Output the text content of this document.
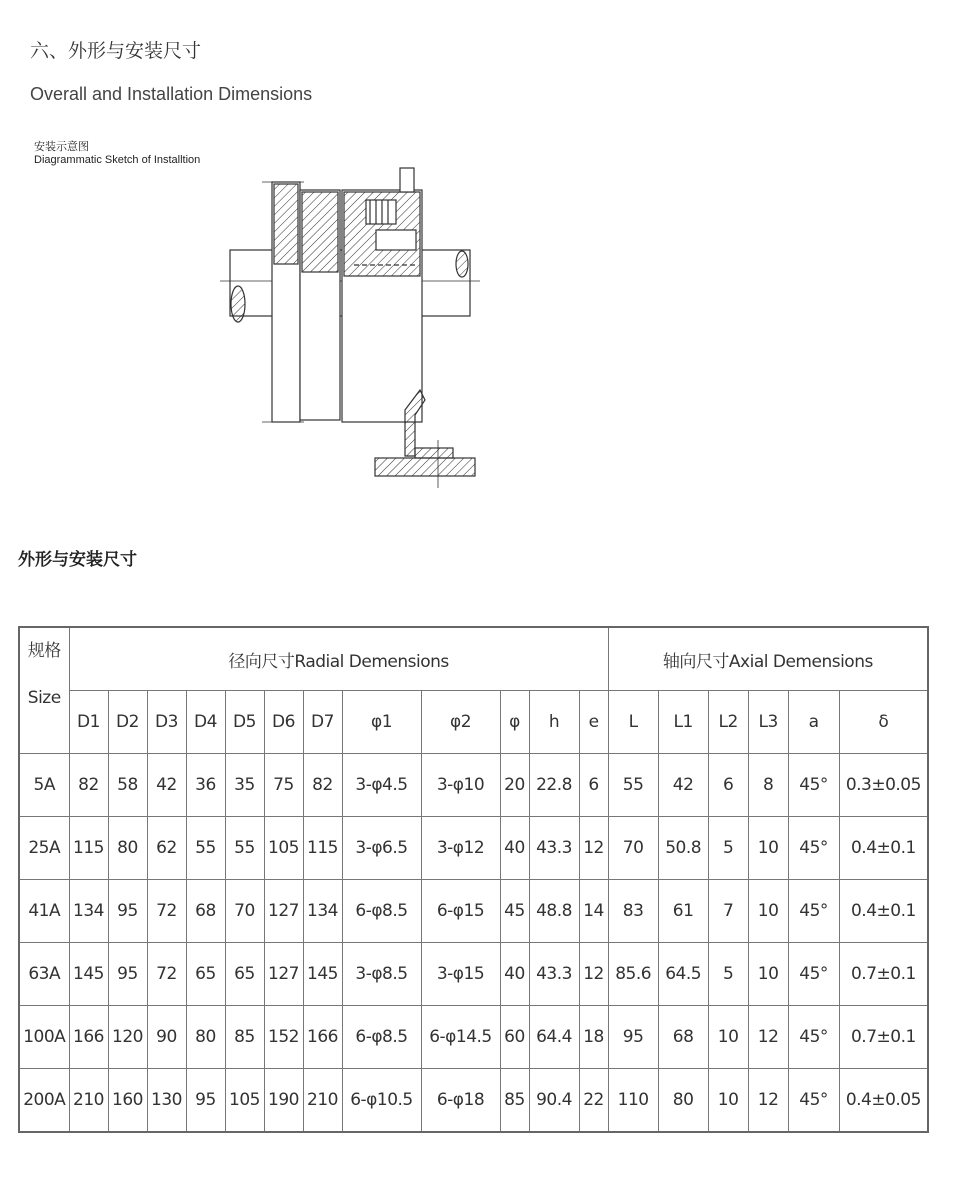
六、外形与安装尺寸
Overall and Installation Dimensions
安装示意图
Diagrammatic Sketch of Installtion
外形与安装尺寸
规格
Size	径向尺寸Radial Demensions												轴向尺寸Axial Demensions					
	D1	D2	D3	D4	D5	D6	D7	φ1	φ2	φ	h	e	L	L1	L2	L3	a	δ
5A	82	58	42	36	35	75	82	3-φ4.5	3-φ10	20	22.8	6	55	42	6	8	45°	0.3±0.05
25A	115	80	62	55	55	105	115	3-φ6.5	3-φ12	40	43.3	12	70	50.8	5	10	45°	0.4±0.1
41A	134	95	72	68	70	127	134	6-φ8.5	6-φ15	45	48.8	14	83	61	7	10	45°	0.4±0.1
63A	145	95	72	65	65	127	145	3-φ8.5	3-φ15	40	43.3	12	85.6	64.5	5	10	45°	0.7±0.1
100A	166	120	90	80	85	152	166	6-φ8.5	6-φ14.5	60	64.4	18	95	68	10	12	45°	0.7±0.1
200A	210	160	130	95	105	190	210	6-φ10.5	6-φ18	85	90.4	22	110	80	10	12	45°	0.4±0.05
